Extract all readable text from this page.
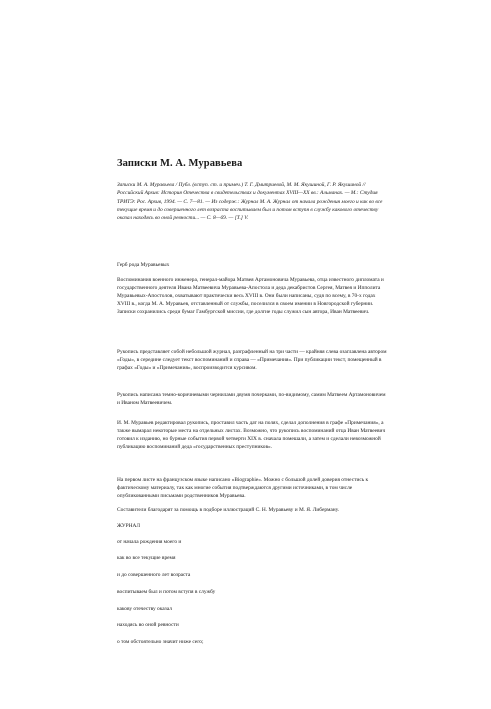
Записки М. А. Муравьева
Записки М. А. Муравьева / Публ. (вступ. ст. и примеч.) Т. Г. Дмитриевой, М. М. Якушиной, Г. Р. Якушиной // Российский Архив: История Отечества в свидетельствах и документах XVIII—XX вв.: Альманах. — М.: Студия ТРИТЭ: Рос. Архив, 1994. — С. 7—81. — Из содерж.: Журнал М. А. Журнал от начала рождения моего и как во все текущие время и до совершенного лет возраста воспитываем был и потом вступя в службу какового отечеству оказал находясь во оной ревности... — С. 8—69. — [Т.] V.
Герб рода Муравьевых
Воспоминания военного инженера, генерал-майора Матвея Артамоновича Муравьева, отца известного дипломата и государственного деятеля Ивана Матвеевича Муравьева-Апостола и деда декабристов Сергея, Матвея и Ипполита Муравьевых-Апостолов, охватывают практически весь XVIII в. Они были написаны, судя по всему, в 70-х годах XVIII в., когда М. А. Муравьев, отставленный от службы, поселился в своем имении в Новгородской губернии. Записки сохранились среди бумаг Гамбургской миссии, где долгие годы служил сын автора, Иван Матвеевич.
Рукопись представляет собой небольшой журнал, разграфленный на три части — крайняя слева озаглавлена автором «Годы», в середине следует текст воспоминаний и справа — «Примечания». При публикации текст, помещенный в графах «Годы» и «Примечания», воспроизводится курсивом.
Рукопись написана темно-коричневыми чернилами двумя почерками, по-видимому, самим Матвеем Артамоновичем и Иваном Матвеевичем.
И. М. Муравьев редактировал рукопись, проставил часть дат на полях, сделал дополнения в графе «Примечания», а также вымарал некоторые места на отдельных листах. Возможно, что рукопись воспоминаний отца Иван Матвеевич готовил к изданию, но бурные события первой четверти XIX в. сначала помешали, а затем и сделали невозможной публикацию воспоминаний деда «государственных преступников».
На первом листе на французском языке написано «Biographie». Можно с большой долей доверия отнестись к фактическому материалу, так как многие события подтверждаются другими источниками, в том числе опубликованными письмами родственников Муравьева.
Составители благодарят за помощь в подборе иллюстраций С. Н. Муравьеву и М. Я. Либерману.
ЖУРНАЛ
от начала рождения моего и
как во все текущие время
и до совершенного лет возраста
воспитываем был и потом вступя в службу
какову отечеству оказал
находясь во оной ревности
о том обстоятельно значит ниже сего;
